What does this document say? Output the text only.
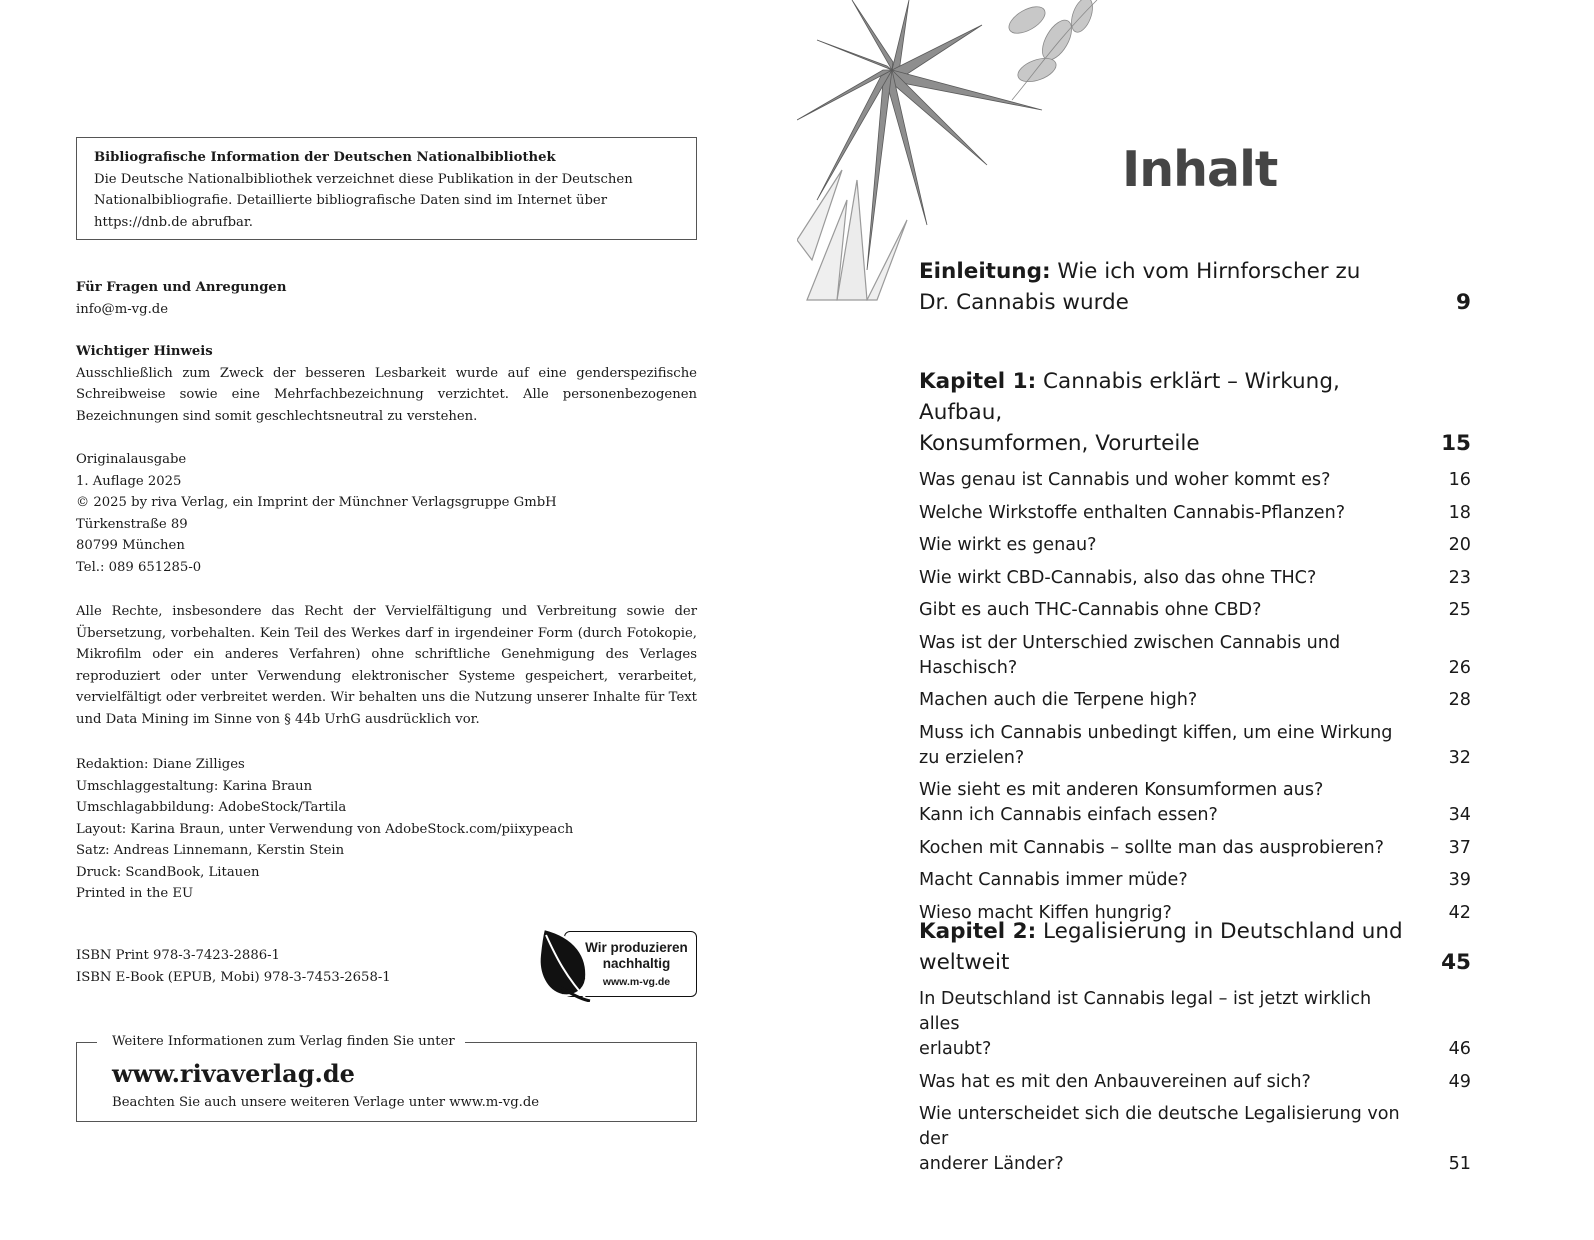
Bibliografische Information der Deutschen Nationalbibliothek
Die Deutsche Nationalbibliothek verzeichnet diese Publikation in der Deutschen
Nationalbibliografie. Detaillierte bibliografische Daten sind im Internet über
https://dnb.de abrufbar.
Für Fragen und Anregungen
info@m-vg.de
Wichtiger Hinweis
Ausschließlich zum Zweck der besseren Lesbarkeit wurde auf eine genderspezifische Schreibweise sowie eine Mehrfachbezeichnung verzichtet. Alle personenbezogenen Bezeichnungen sind somit geschlechtsneutral zu verstehen.
Originalausgabe
1. Auflage 2025
© 2025 by riva Verlag, ein Imprint der Münchner Verlagsgruppe GmbH
Türkenstraße 89
80799 München
Tel.: 089 651285-0
Alle Rechte, insbesondere das Recht der Vervielfältigung und Verbreitung sowie der Übersetzung, vorbehalten. Kein Teil des Werkes darf in irgendeiner Form (durch Fotokopie, Mikrofilm oder ein anderes Verfahren) ohne schriftliche Genehmigung des Verlages reproduziert oder unter Verwendung elektronischer Systeme gespeichert, verarbeitet, vervielfältigt oder verbreitet werden. Wir behalten uns die Nutzung unserer Inhalte für Text und Data Mining im Sinne von § 44b UrhG ausdrücklich vor.
Redaktion: Diane Zilliges
Umschlaggestaltung: Karina Braun
Umschlagabbildung: AdobeStock/Tartila
Layout: Karina Braun, unter Verwendung von AdobeStock.com/piixypeach
Satz: Andreas Linnemann, Kerstin Stein
Druck: ScandBook, Litauen
Printed in the EU
ISBN Print 978-3-7423-2886-1
ISBN E-Book (EPUB, Mobi) 978-3-7453-2658-1
Wir produzieren
nachhaltig
www.m-vg.de
Weitere Informationen zum Verlag finden Sie unter
www.rivaverlag.de
Beachten Sie auch unsere weiteren Verlage unter www.m-vg.de
Inhalt
Einleitung: Wie ich vom Hirnforscher zu
Dr. Cannabis wurde	9
Kapitel 1: Cannabis erklärt – Wirkung, Aufbau,
Konsumformen, Vorurteile	15
Was genau ist Cannabis und woher kommt es?	16
Welche Wirkstoffe enthalten Cannabis-Pflanzen?	18
Wie wirkt es genau?	20
Wie wirkt CBD-Cannabis, also das ohne THC?	23
Gibt es auch THC-Cannabis ohne CBD?	25
Was ist der Unterschied zwischen Cannabis und Haschisch?	26
Machen auch die Terpene high?	28
Muss ich Cannabis unbedingt kiffen, um eine Wirkung
zu erzielen?	32
Wie sieht es mit anderen Konsumformen aus?
Kann ich Cannabis einfach essen?	34
Kochen mit Cannabis – sollte man das ausprobieren?	37
Macht Cannabis immer müde?	39
Wieso macht Kiffen hungrig?	42
Kapitel 2: Legalisierung in Deutschland und
weltweit	45
In Deutschland ist Cannabis legal – ist jetzt wirklich alles
erlaubt?	46
Was hat es mit den Anbauvereinen auf sich?	49
Wie unterscheidet sich die deutsche Legalisierung von der
anderer Länder?	51
